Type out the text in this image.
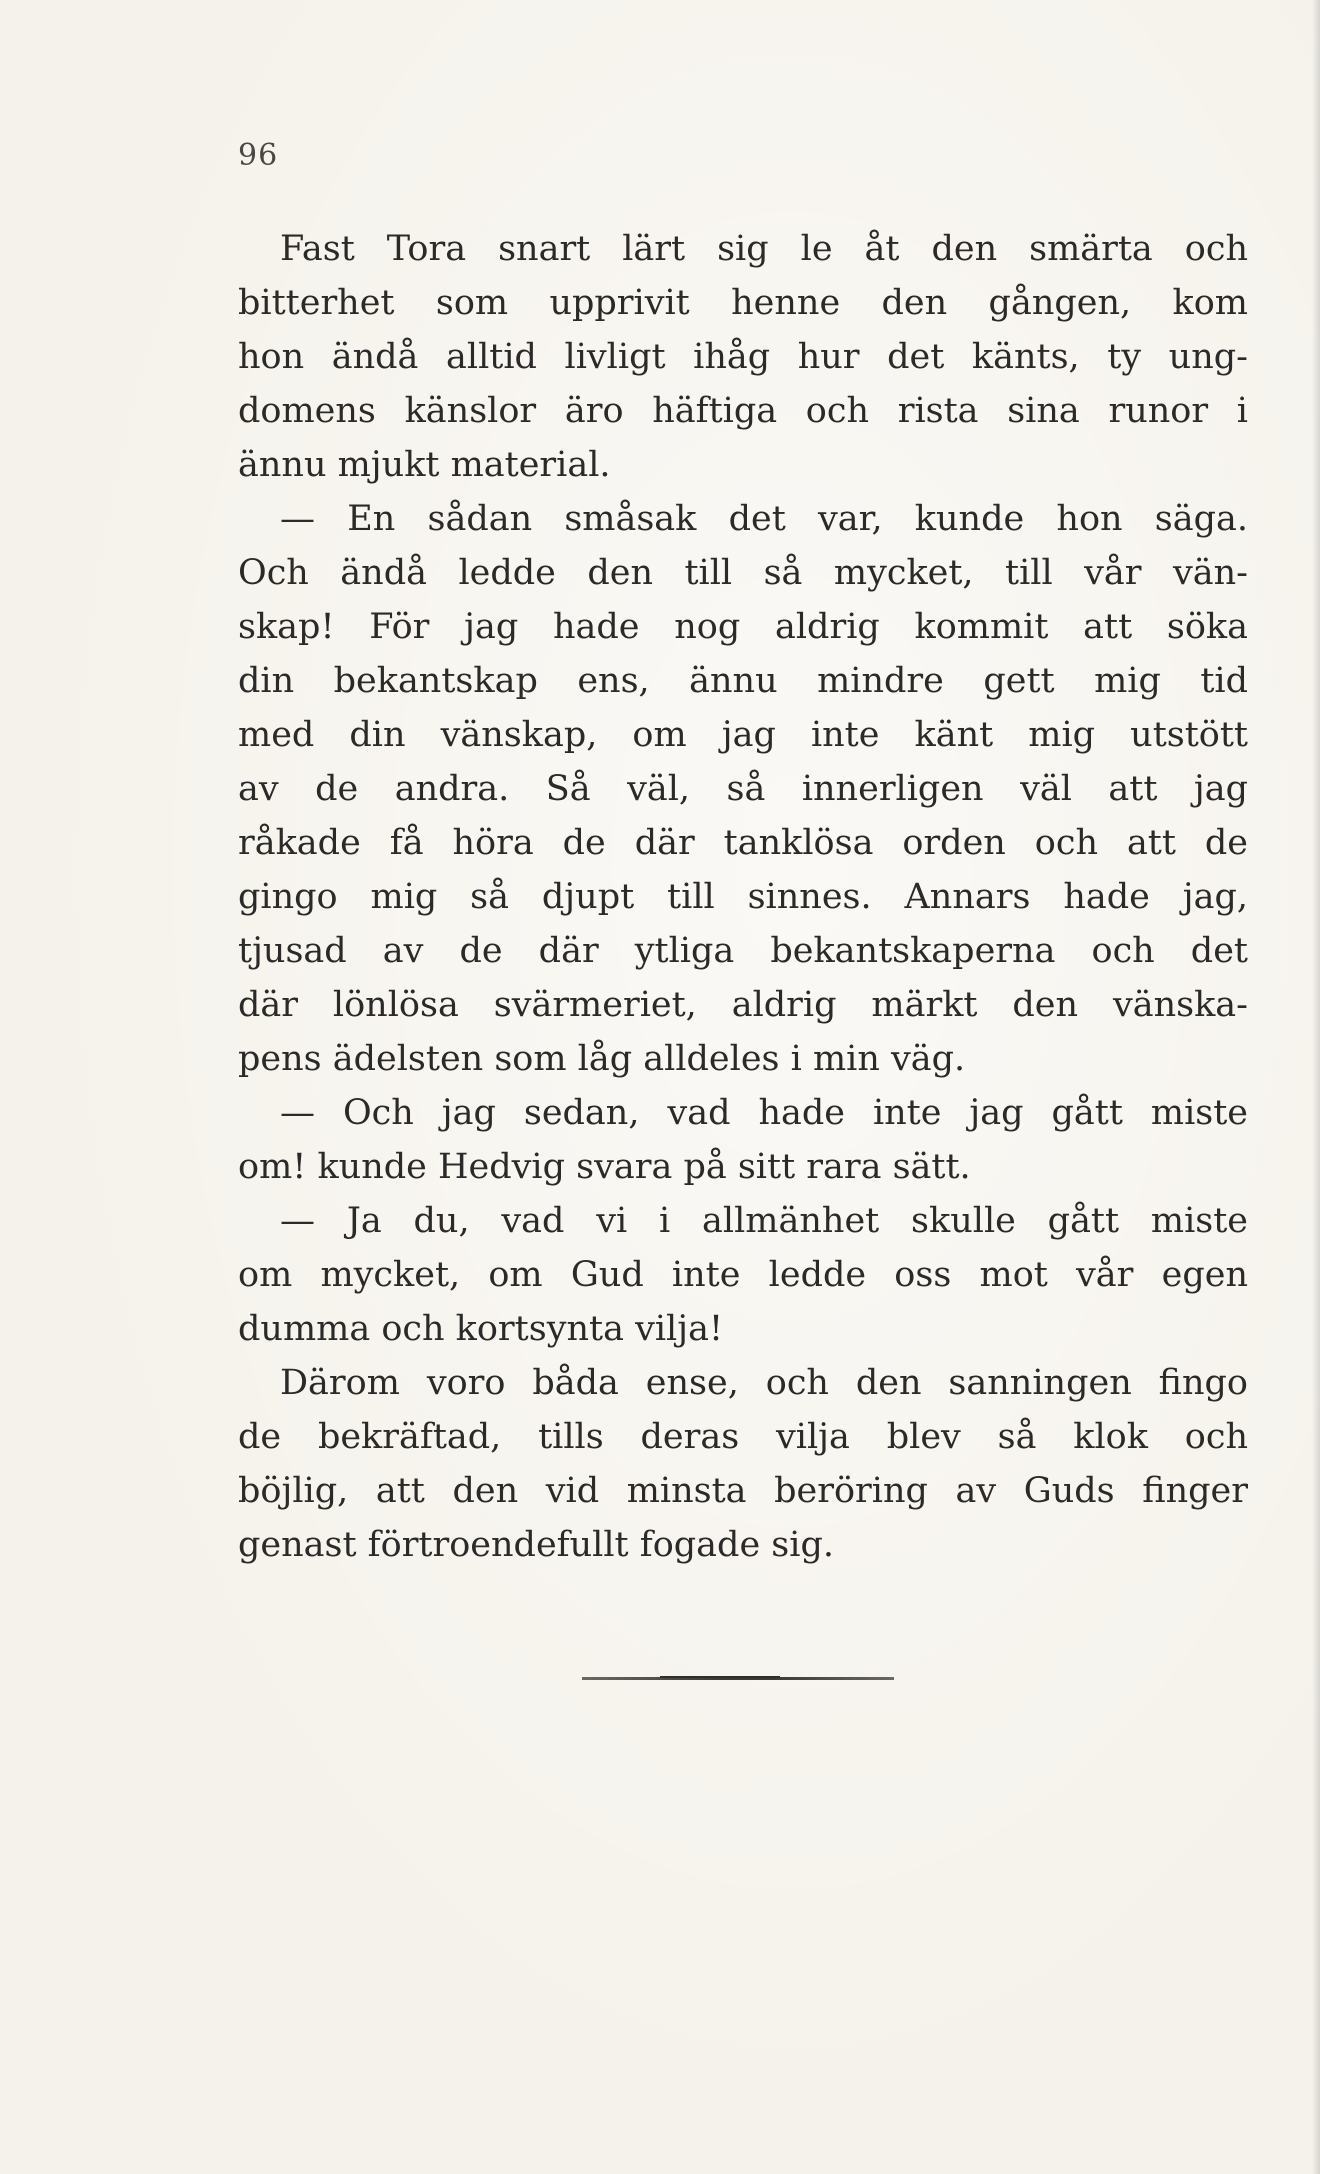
96
Fast Tora snart lärt sig le åt den smärta och
bitterhet som upprivit henne den gången, kom
hon ändå alltid livligt ihåg hur det känts, ty ung-
domens känslor äro häftiga och rista sina runor i
ännu mjukt material.
— En sådan småsak det var, kunde hon säga.
Och ändå ledde den till så mycket, till vår vän-
skap! För jag hade nog aldrig kommit att söka
din bekantskap ens, ännu mindre gett mig tid
med din vänskap, om jag inte känt mig utstött
av de andra. Så väl, så innerligen väl att jag
råkade få höra de där tanklösa orden och att de
gingo mig så djupt till sinnes. Annars hade jag,
tjusad av de där ytliga bekantskaperna och det
där lönlösa svärmeriet, aldrig märkt den vänska-
pens ädelsten som låg alldeles i min väg.
— Och jag sedan, vad hade inte jag gått miste
om! kunde Hedvig svara på sitt rara sätt.
— Ja du, vad vi i allmänhet skulle gått miste
om mycket, om Gud inte ledde oss mot vår egen
dumma och kortsynta vilja!
Därom voro båda ense, och den sanningen fingo
de bekräftad, tills deras vilja blev så klok och
böjlig, att den vid minsta beröring av Guds finger
genast förtroendefullt fogade sig.
